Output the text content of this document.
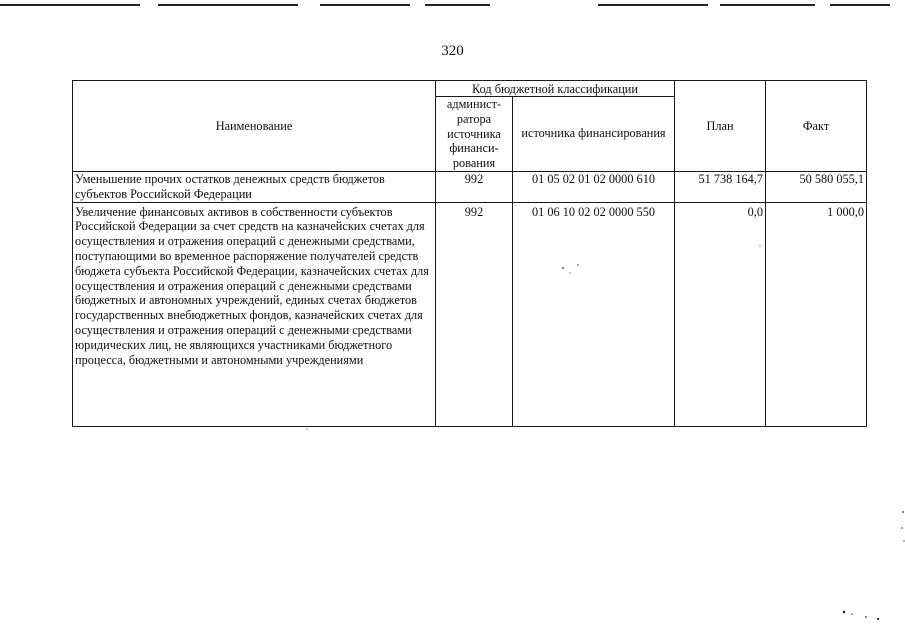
320
Наименование	Код бюджетной классификации		План	Факт
	админист-ратора источника финанси-рования	источника финансирования		
Уменьшение прочих остатков денежных средств бюджетов субъектов Российской Федерации	992	01 05 02 01 02 0000 610	51 738 164,7	50 580 055,1
Увеличение финансовых активов в собственности субъектов Российской Федерации за счет средств на казначейских счетах для осуществления и отражения операций с денежными средствами, поступающими во временное распоряжение получателей средств бюджета субъекта Российской Федерации, казначейских счетах для осуществления и отражения операций с денежными средствами бюджетных и автономных учреждений, единых счетах бюджетов государственных внебюджетных фондов, казначейских счетах для осуществления и отражения операций с денежными средствами юридических лиц, не являющихся участниками бюджетного процесса, бюджетными и автономными учреждениями	992	01 06 10 02 02 0000 550	0,0	1 000,0
